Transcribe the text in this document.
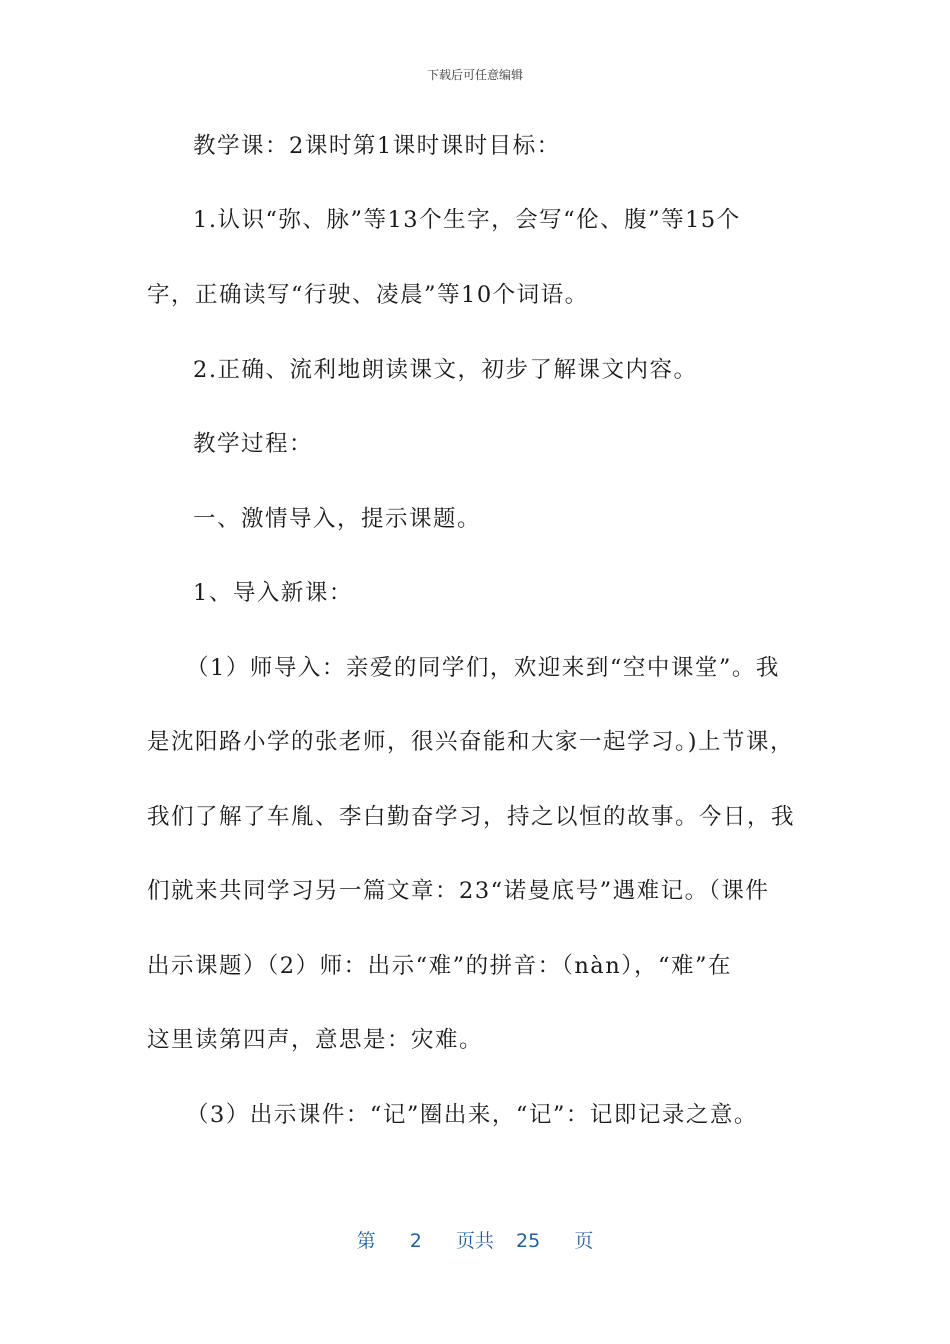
下载后可任意编辑
教学课：2课时第1课时课时目标：
1.认识“弥、脉”等13个生字，会写“伦、腹”等15个
字，正确读写“行驶、凌晨”等10个词语。
2.正确、流利地朗读课文，初步了解课文内容。
教学过程：
一、激情导入，提示课题。
1、导入新课：
（1）师导入：亲爱的同学们，欢迎来到“空中课堂”。我
是沈阳路小学的张老师，很兴奋能和大家一起学习。)上节课，
我们了解了车胤、李白勤奋学习，持之以恒的故事。今日，我
们就来共同学习另一篇文章：23“诺曼底号”遇难记。（课件
出示课题）（2）师：出示“难”的拼音：（nàn），“难”在
这里读第四声，意思是：灾难。
（3）出示课件：“记”圈出来，“记”：记即记录之意。
第 2 页共 25 页
